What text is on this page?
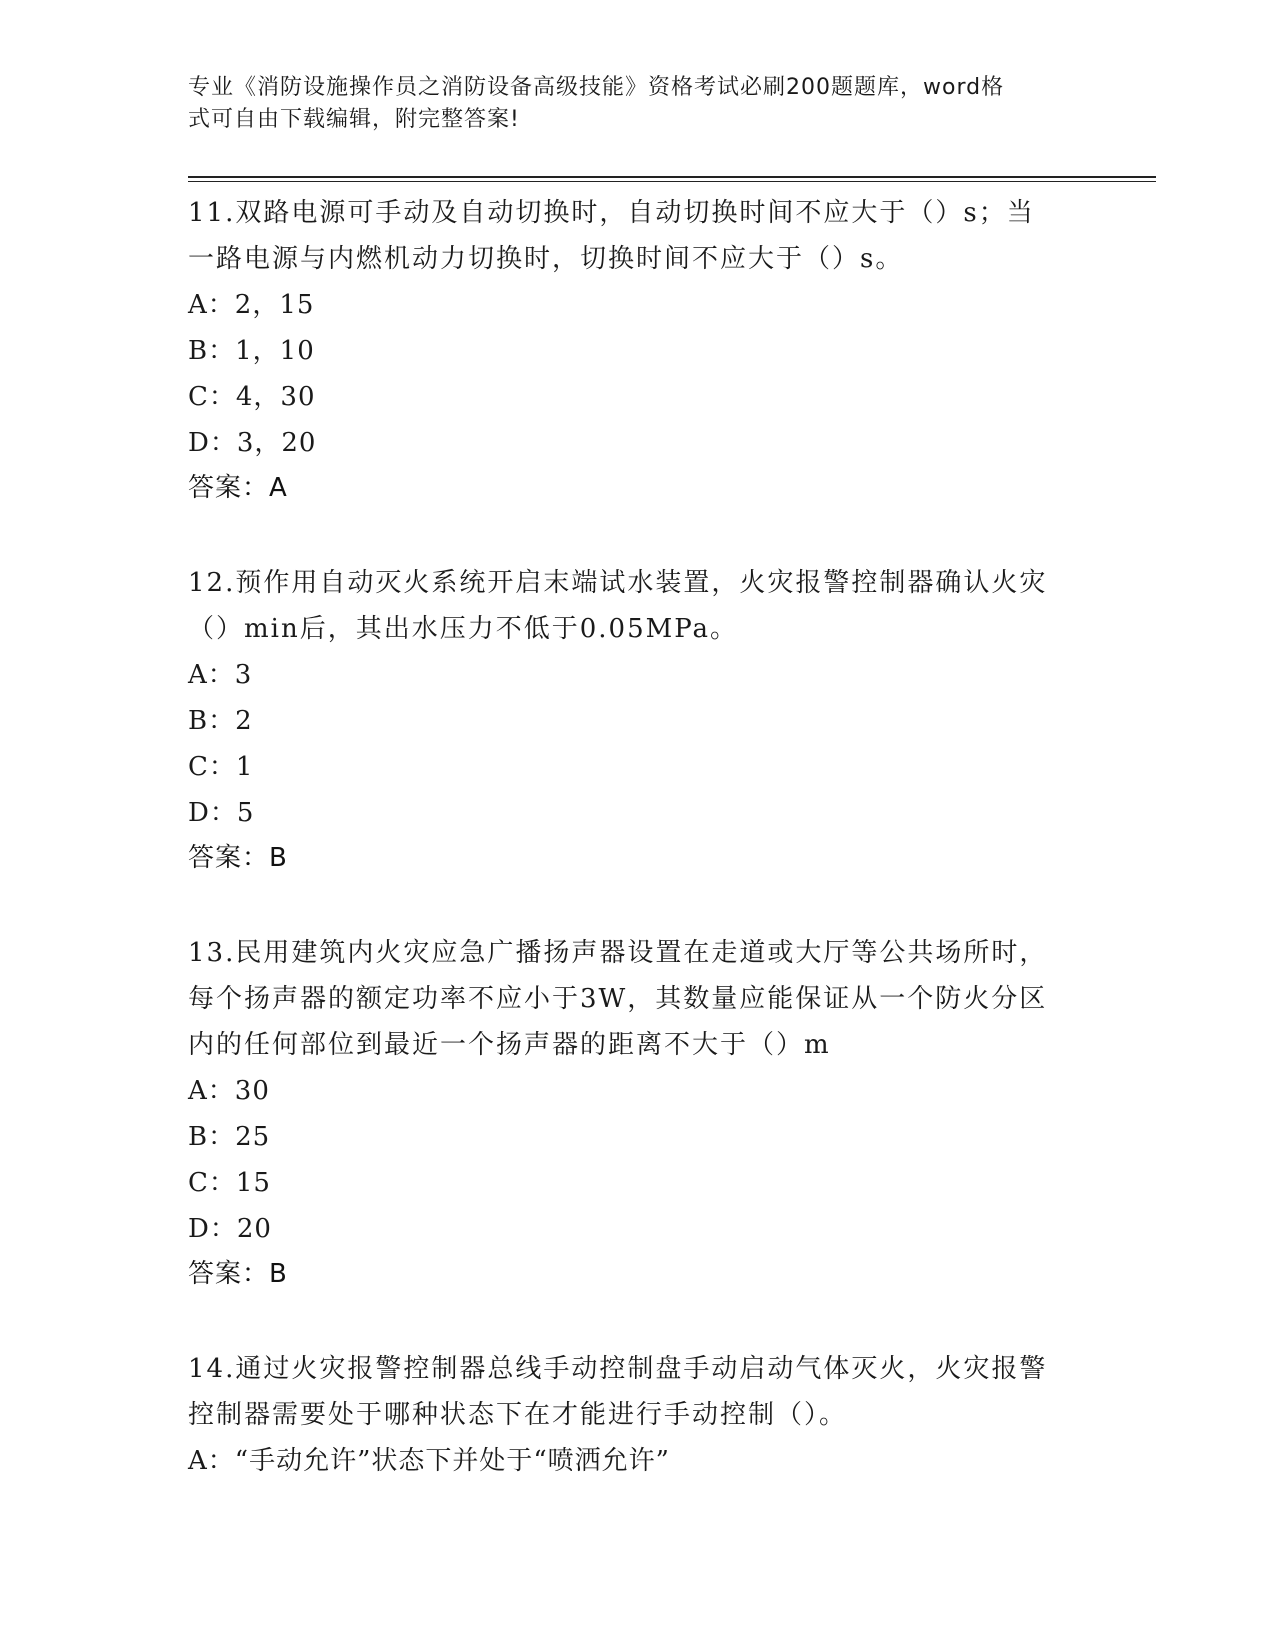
专业《消防设施操作员之消防设备高级技能》资格考试必刷200题题库，word格
式可自由下载编辑，附完整答案!

11.双路电源可手动及自动切换时，自动切换时间不应大于（）s；当

一路电源与内燃机动力切换时，切换时间不应大于（）s。

A：2，15

B：1，10

C：4，30

D：3，20

答案：A

12.预作用自动灭火系统开启末端试水装置，火灾报警控制器确认火灾

（）min后，其出水压力不低于0.05MPa。

A：3

B：2

C：1

D：5

答案：B

13.民用建筑内火灾应急广播扬声器设置在走道或大厅等公共场所时，

每个扬声器的额定功率不应小于3W，其数量应能保证从一个防火分区

内的任何部位到最近一个扬声器的距离不大于（）m

A：30

B：25

C：15

D：20

答案：B

14.通过火灾报警控制器总线手动控制盘手动启动气体灭火，火灾报警

控制器需要处于哪种状态下在才能进行手动控制（）。

A：“手动允许”状态下并处于“喷洒允许”
